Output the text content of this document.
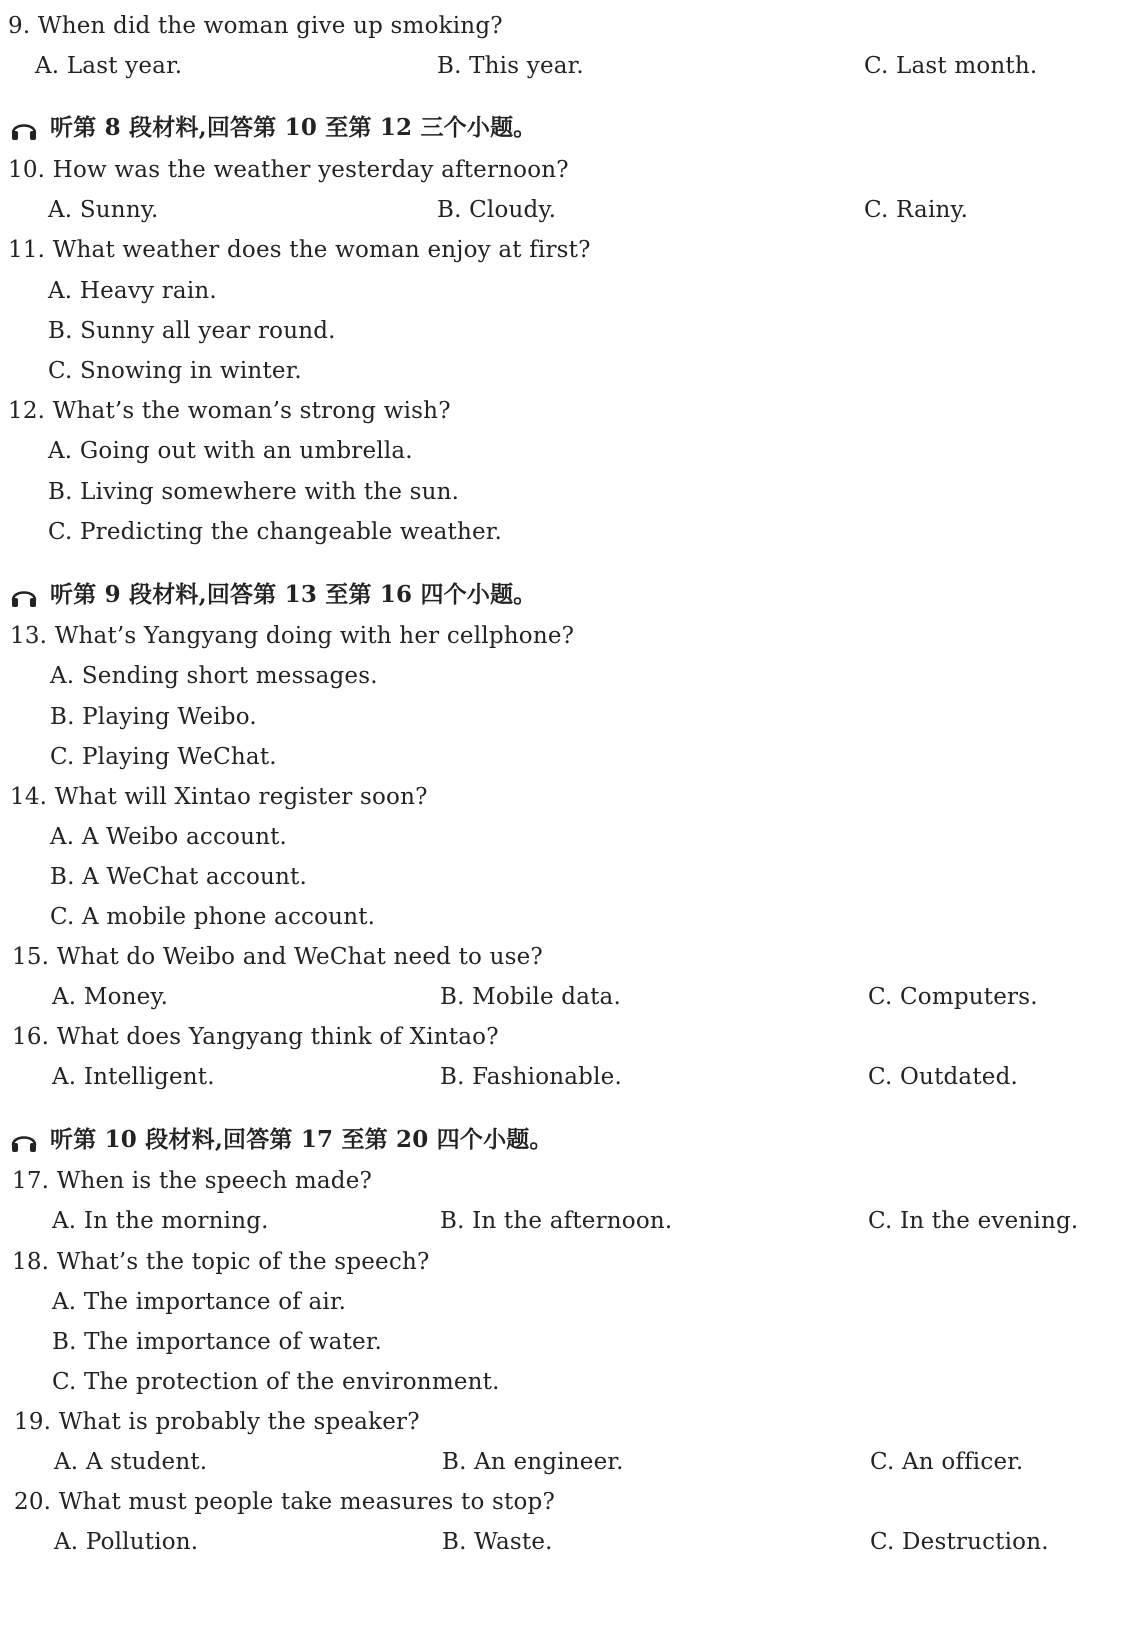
9. When did the woman give up smoking?
A. Last year.	B. This year.	C. Last month.
听第 8 段材料,回答第 10 至第 12 三个小题。
10. How was the weather yesterday afternoon?
A. Sunny.	B. Cloudy.	C. Rainy.
11. What weather does the woman enjoy at first?
A. Heavy rain.
B. Sunny all year round.
C. Snowing in winter.
12. What’s the woman’s strong wish?
A. Going out with an umbrella.
B. Living somewhere with the sun.
C. Predicting the changeable weather.
听第 9 段材料,回答第 13 至第 16 四个小题。
13. What’s Yangyang doing with her cellphone?
A. Sending short messages.
B. Playing Weibo.
C. Playing WeChat.
14. What will Xintao register soon?
A. A Weibo account.
B. A WeChat account.
C. A mobile phone account.
15. What do Weibo and WeChat need to use?
A. Money.	B. Mobile data.	C. Computers.
16. What does Yangyang think of Xintao?
A. Intelligent.	B. Fashionable.	C. Outdated.
听第 10 段材料,回答第 17 至第 20 四个小题。
17. When is the speech made?
A. In the morning.	B. In the afternoon.	C. In the evening.
18. What’s the topic of the speech?
A. The importance of air.
B. The importance of water.
C. The protection of the environment.
19. What is probably the speaker?
A. A student.	B. An engineer.	C. An officer.
20. What must people take measures to stop?
A. Pollution.	B. Waste.	C. Destruction.
